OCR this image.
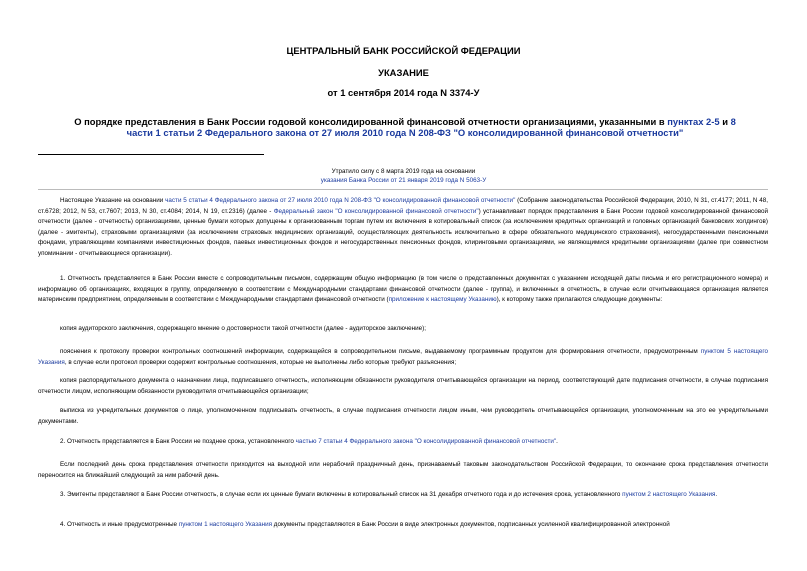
ЦЕНТРАЛЬНЫЙ БАНК РОССИЙСКОЙ ФЕДЕРАЦИИ
УКАЗАНИЕ
от 1 сентября 2014 года N 3374-У
О порядке представления в Банк России годовой консолидированной финансовой отчетности организациями, указанными в пунктах 2-5 и 8 части 1 статьи 2 Федерального закона от 27 июля 2010 года N 208-ФЗ "О консолидированной финансовой отчетности"
Утратило силу с 8 марта 2019 года на основании
указания Банка России от 21 января 2019 года N 5063-У
Настоящее Указание на основании части 5 статьи 4 Федерального закона от 27 июля 2010 года N 208-ФЗ "О консолидированной финансовой отчетности" (Собрание законодательства Российской Федерации, 2010, N 31, ст.4177; 2011, N 48, ст.6728; 2012, N 53, ст.7607; 2013, N 30, ст.4084; 2014, N 19, ст.2316) (далее - Федеральный закон "О консолидированной финансовой отчетности") устанавливает порядок представления в Банк России годовой консолидированной финансовой отчетности (далее - отчетность) организациями, ценные бумаги которых допущены к организованным торгам путем их включения в котировальный список (за исключением кредитных организаций и головных организаций банковских холдингов) (далее - эмитенты), страховыми организациями (за исключением страховых медицинских организаций, осуществляющих деятельность исключительно в сфере обязательного медицинского страхования), негосударственными пенсионными фондами, управляющими компаниями инвестиционных фондов, паевых инвестиционных фондов и негосударственных пенсионных фондов, клиринговыми организациями, не являющимися кредитными организациями (далее при совместном упоминании - отчитывающиеся организации).
1. Отчетность представляется в Банк России вместе с сопроводительным письмом, содержащим общую информацию (в том числе о представленных документах с указанием исходящей даты письма и его регистрационного номера) и информацию об организациях, входящих в группу, определяемую в соответствии с Международными стандартами финансовой отчетности (далее - группа), и включенных в отчетность, в случае если отчитывающаяся организация является материнским предприятием, определяемым в соответствии с Международными стандартами финансовой отчетности (приложение к настоящему Указанию), к которому также прилагаются следующие документы:
копия аудиторского заключения, содержащего мнение о достоверности такой отчетности (далее - аудиторское заключение);
пояснения к протоколу проверки контрольных соотношений информации, содержащейся в сопроводительном письме, выдаваемому программным продуктом для формирования отчетности, предусмотренным пунктом 5 настоящего Указания, в случае если протокол проверки содержит контрольные соотношения, которые не выполнены либо которые требуют разъяснения;
копия распорядительного документа о назначении лица, подписавшего отчетность, исполняющим обязанности руководителя отчитывающейся организации на период, соответствующий дате подписания отчетности, в случае подписания отчетности лицом, исполняющим обязанности руководителя отчитывающейся организации;
выписка из учредительных документов о лице, уполномоченном подписывать отчетность, в случае подписания отчетности лицом иным, чем руководитель отчитывающейся организации, уполномоченным на это ее учредительными документами.
2. Отчетность представляется в Банк России не позднее срока, установленного частью 7 статьи 4 Федерального закона "О консолидированной финансовой отчетности".
Если последний день срока представления отчетности приходится на выходной или нерабочий праздничный день, признаваемый таковым законодательством Российской Федерации, то окончание срока представления отчетности переносится на ближайший следующий за ним рабочий день.
3. Эмитенты представляют в Банк России отчетность, в случае если их ценные бумаги включены в котировальный список на 31 декабря отчетного года и до истечения срока, установленного пунктом 2 настоящего Указания.
4. Отчетность и иные предусмотренные пунктом 1 настоящего Указания документы представляются в Банк России в виде электронных документов, подписанных усиленной квалифицированной электронной
